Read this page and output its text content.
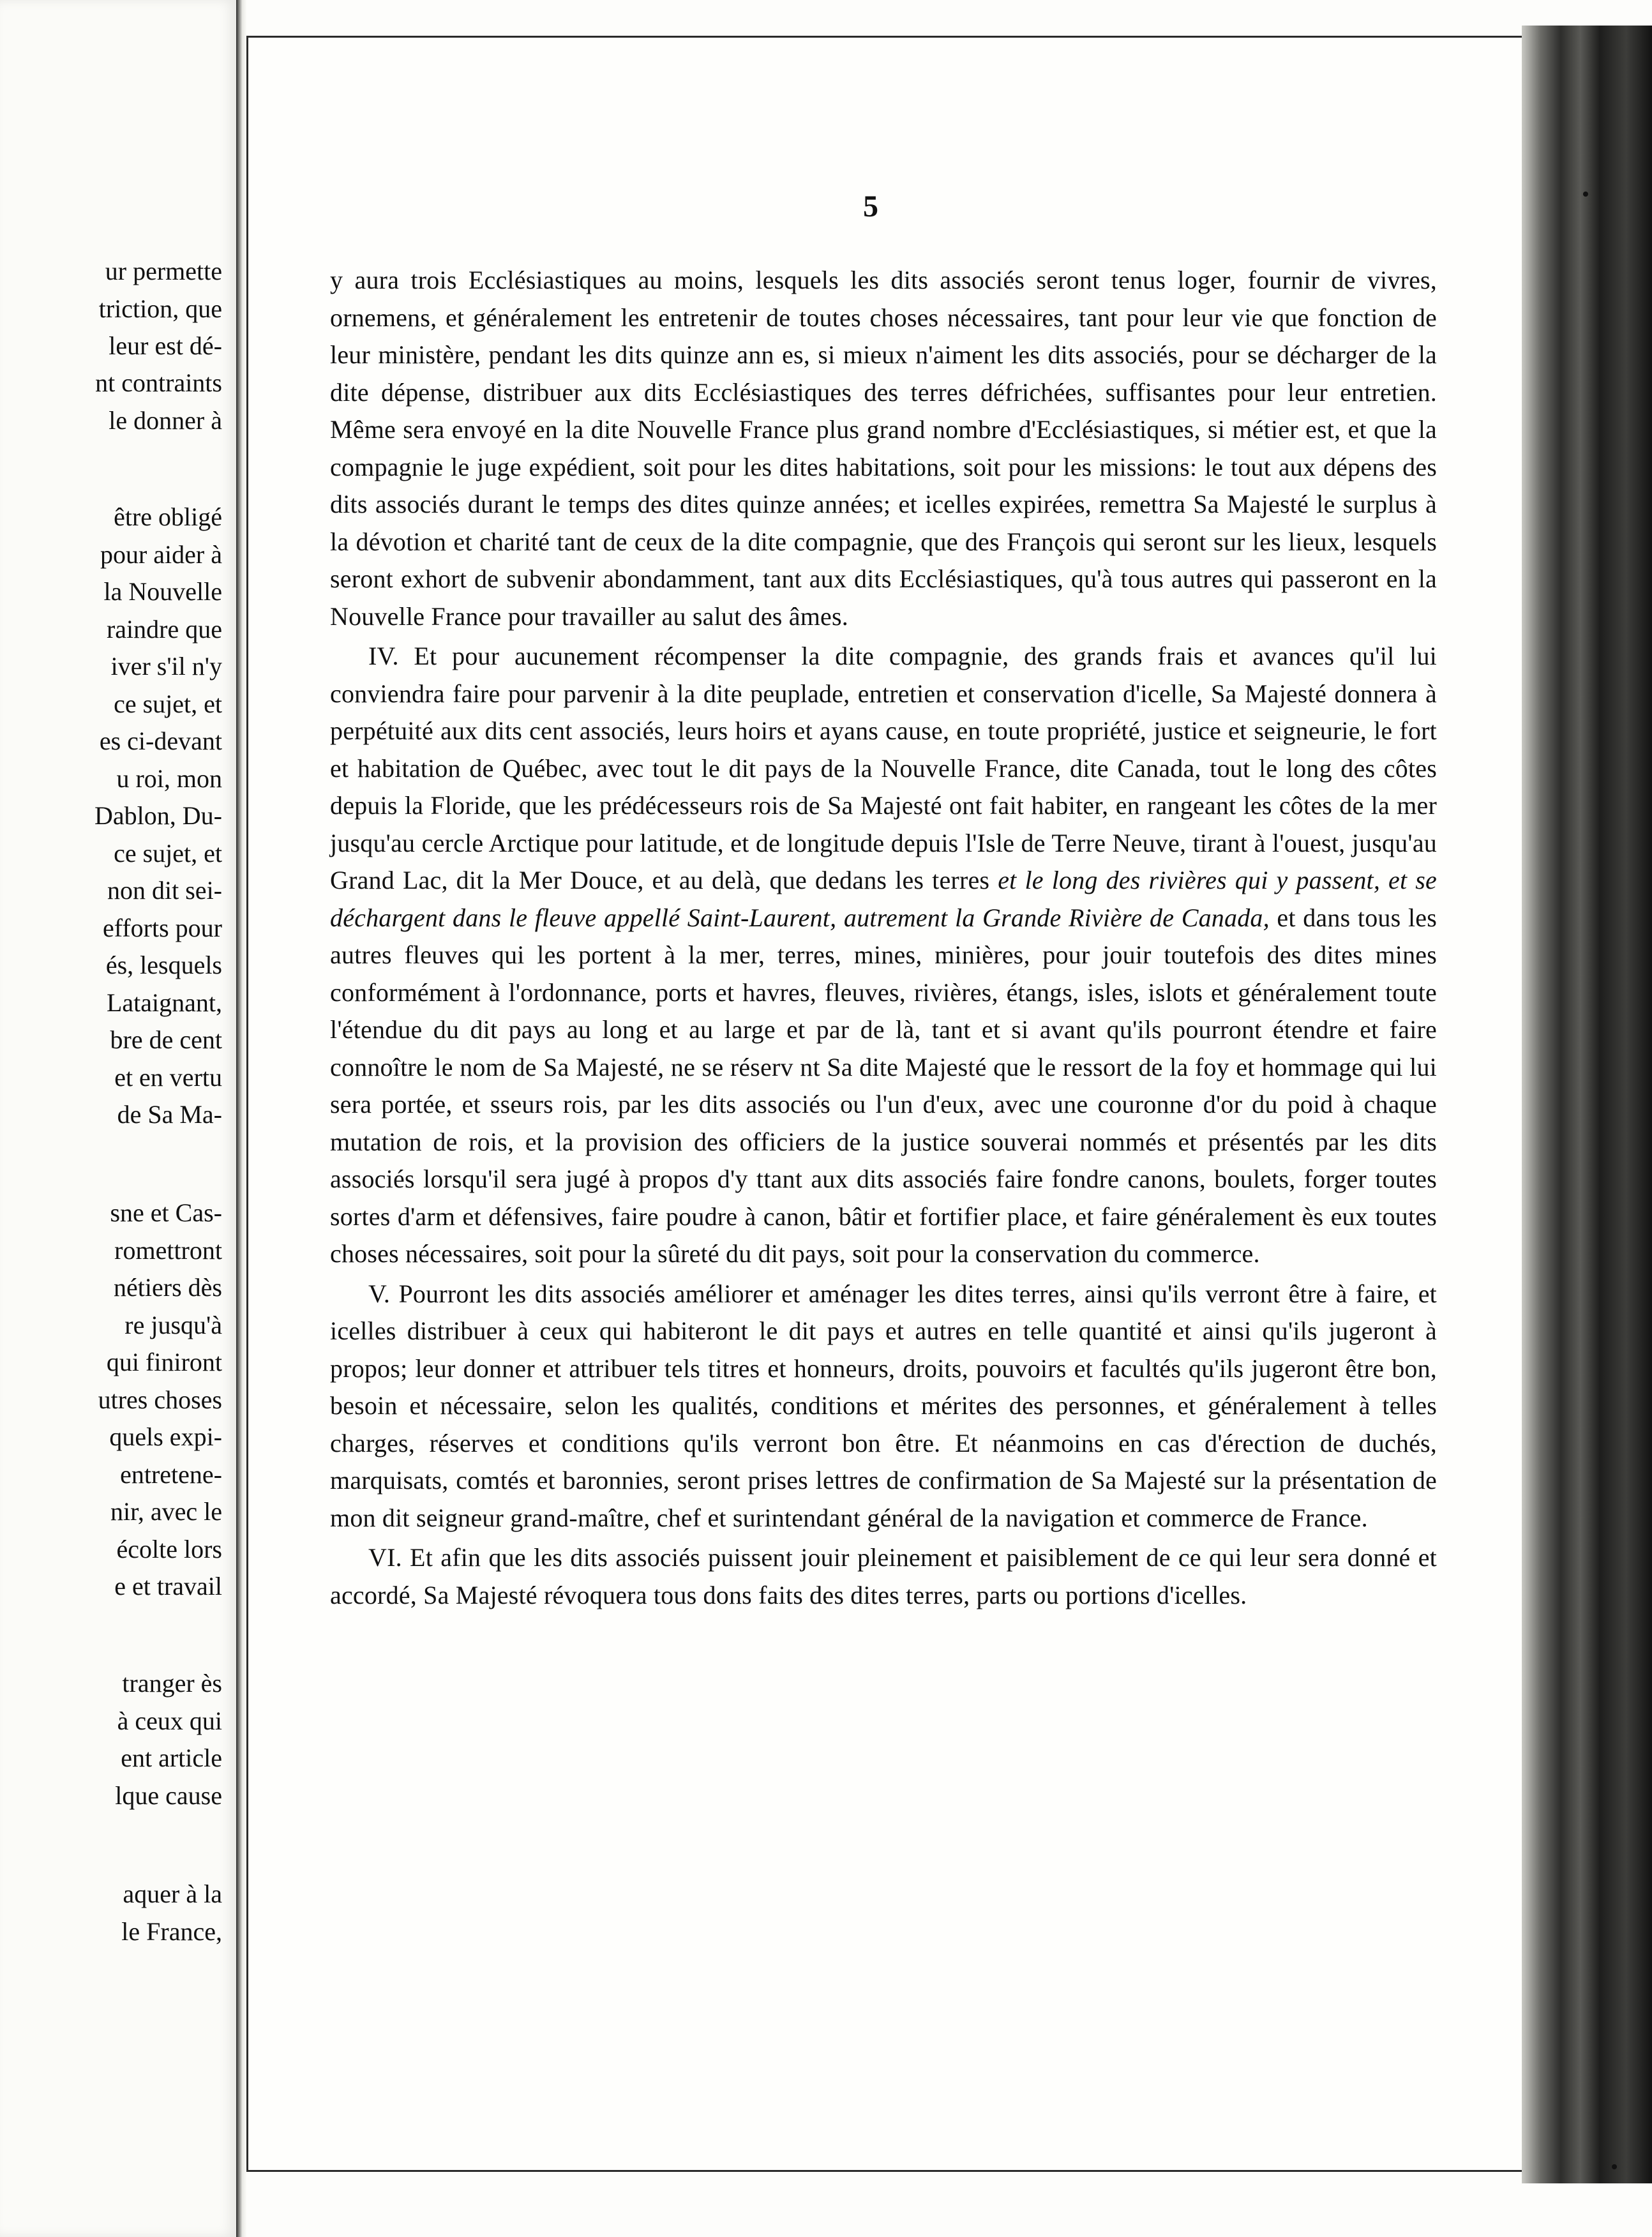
ur permette
triction, que
leur est dé-
nt contraints
le donner à
être obligé
pour aider à
la Nouvelle
raindre que
iver s'il n'y
ce sujet, et
es ci-devant
u roi, mon
Dablon, Du-
ce sujet, et
non dit sei-
efforts pour
és, lesquels
Lataignant,
bre de cent
et en vertu
de Sa Ma-
sne et Cas-
romettront
nétiers dès
re jusqu'à
qui finiront
utres choses
quels expi-
entretene-
nir, avec le
écolte lors
e et travail
tranger ès
à ceux qui
ent article
lque cause
aquer à la
le France,
5

y aura trois Ecclésiastiques au moins, lesquels les dits associés seront tenus loger, fournir de vivres, ornemens, et généralement les entretenir de toutes choses nécessaires, tant pour leur vie que fonction de leur ministère, pendant les dits quinze ann es, si mieux n'aiment les dits associés, pour se décharger de la dite dépense, distribuer aux dits Ecclésiastiques des terres défrichées, suffisantes pour leur entretien. Même sera envoyé en la dite Nouvelle France plus grand nombre d'Ecclésiastiques, si métier est, et que la compagnie le juge expédient, soit pour les dites habitations, soit pour les missions: le tout aux dépens des dits associés durant le temps des dites quinze années; et icelles expirées, remettra Sa Majesté le surplus à la dévotion et charité tant de ceux de la dite compagnie, que des François qui seront sur les lieux, lesquels seront exhort de subvenir abondamment, tant aux dits Ecclésiastiques, qu'à tous autres qui passeront en la Nouvelle France pour travailler au salut des âmes.

IV. Et pour aucunement récompenser la dite compagnie, des grands frais et avances qu'il lui conviendra faire pour parvenir à la dite peuplade, entretien et conservation d'icelle, Sa Majesté donnera à perpétuité aux dits cent associés, leurs hoirs et ayans cause, en toute propriété, justice et seigneurie, le fort et habitation de Québec, avec tout le dit pays de la Nouvelle France, dite Canada, tout le long des côtes depuis la Floride, que les prédécesseurs rois de Sa Majesté ont fait habiter, en rangeant les côtes de la mer jusqu'au cercle Arctique pour latitude, et de longitude depuis l'Isle de Terre Neuve, tirant à l'ouest, jusqu'au Grand Lac, dit la Mer Douce, et au delà, que dedans les terres et le long des rivières qui y passent, et se déchargent dans le fleuve appellé Saint-Laurent, autrement la Grande Rivière de Canada, et dans tous les autres fleuves qui les portent à la mer, terres, mines, minières, pour jouir toutefois des dites mines conformément à l'ordonnance, ports et havres, fleuves, rivières, étangs, isles, islots et généralement toute l'étendue du dit pays au long et au large et par de là, tant et si avant qu'ils pourront étendre et faire connoître le nom de Sa Majesté, ne se réserv nt Sa dite Majesté que le ressort de la foy et hommage qui lui sera portée, et sseurs rois, par les dits associés ou l'un d'eux, avec une couronne d'or du poid à chaque mutation de rois, et la provision des officiers de la justice souverai nommés et présentés par les dits associés lorsqu'il sera jugé à propos d'y ttant aux dits associés faire fondre canons, boulets, forger toutes sortes d'arm et défensives, faire poudre à canon, bâtir et fortifier place, et faire généralement ès eux toutes choses nécessaires, soit pour la sûreté du dit pays, soit pour la conservation du commerce.

V. Pourront les dits associés améliorer et aménager les dites terres, ainsi qu'ils verront être à faire, et icelles distribuer à ceux qui habiteront le dit pays et autres en telle quantité et ainsi qu'ils jugeront à propos; leur donner et attribuer tels titres et honneurs, droits, pouvoirs et facultés qu'ils jugeront être bon, besoin et nécessaire, selon les qualités, conditions et mérites des personnes, et généralement à telles charges, réserves et conditions qu'ils verront bon être. Et néanmoins en cas d'érection de duchés, marquisats, comtés et baronnies, seront prises lettres de confirmation de Sa Majesté sur la présentation de mon dit seigneur grand-maître, chef et surintendant général de la navigation et commerce de France.

VI. Et afin que les dits associés puissent jouir pleinement et paisiblement de ce qui leur sera donné et accordé, Sa Majesté révoquera tous dons faits des dites terres, parts ou portions d'icelles.
